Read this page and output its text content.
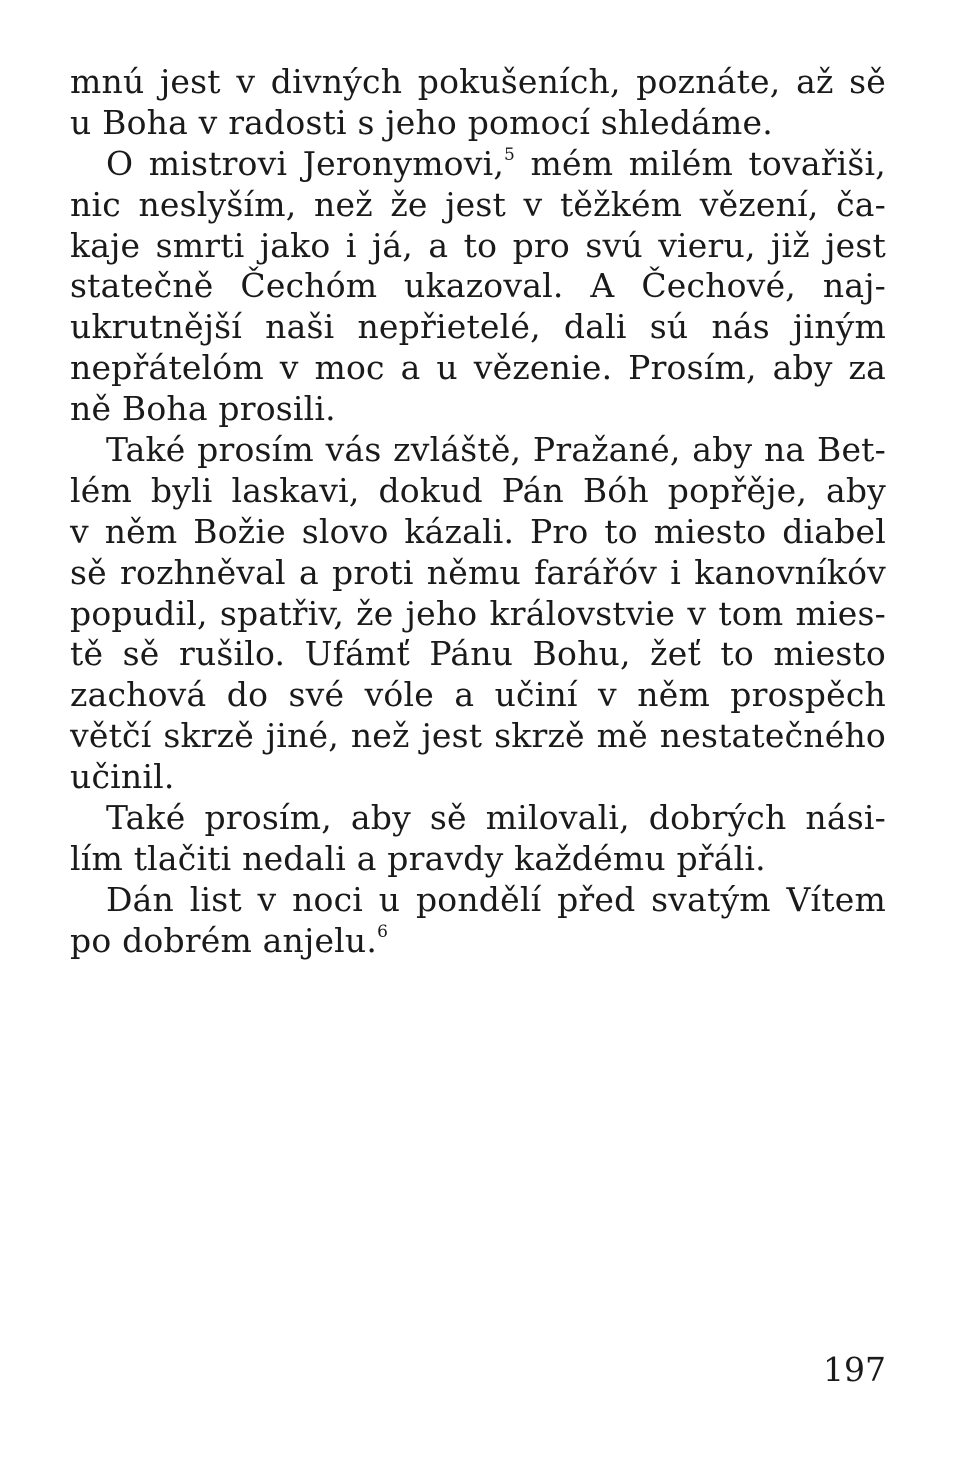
mnú jest v divných pokušeních, poznáte, až sě
u Boha v radosti s jeho pomocí shledáme.
O mistrovi Jeronymovi,$^5$ mém milém tovařiši,
nic neslyším, než že jest v těžkém vězení, ča-
kaje smrti jako i já, a to pro svú vieru, již jest
statečně Čechóm ukazoval. A Čechové, naj-
ukrutnější naši nepřietelé, dali sú nás jiným
nepřátelóm v moc a u vězenie. Prosím, aby za
ně Boha prosili.
Také prosím vás zvláště, Pražané, aby na Bet-
lém byli laskavi, dokud Pán Bóh popřěje, aby
v něm Božie slovo kázali. Pro to miesto diabel
sě rozhněval a proti němu farářóv i kanovníkóv
popudil, spatřiv, že jeho královstvie v tom mies-
tě sě rušilo. Ufámť Pánu Bohu, žeť to miesto
zachová do své vóle a učiní v něm prospěch
větčí skrzě jiné, než jest skrzě mě nestatečného
učinil.
Také prosím, aby sě milovali, dobrých nási-
lím tlačiti nedali a pravdy každému přáli.
Dán list v noci u pondělí před svatým Vítem
po dobrém anjelu.$^6$
197
